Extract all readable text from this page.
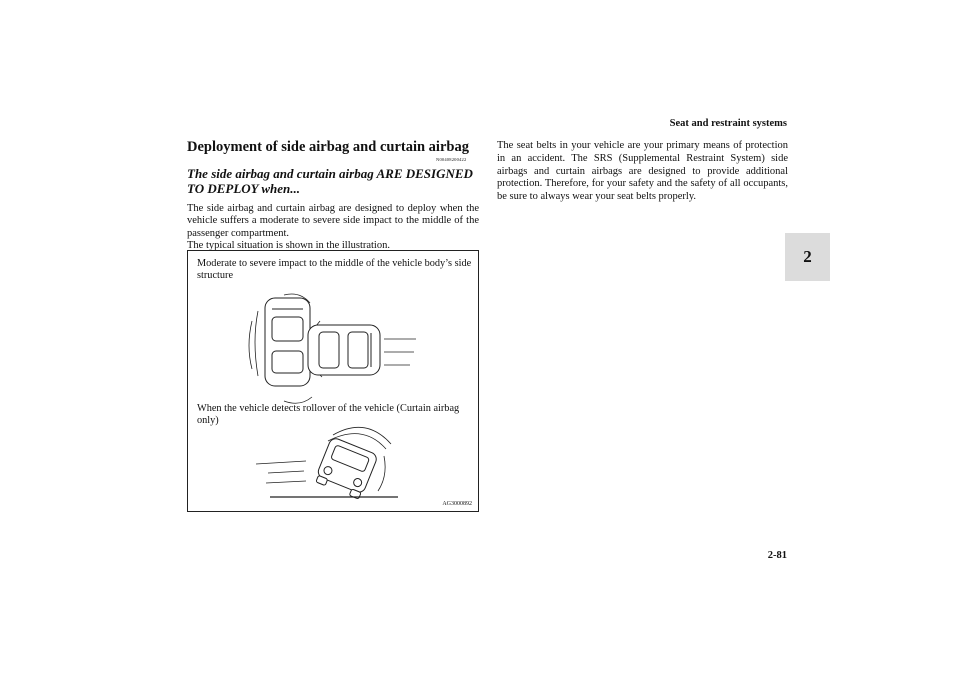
Seat and restraint systems
2
Deployment of side airbag and curtain airbag
N00408200422
The side airbag and curtain airbag ARE DESIGNED TO DEPLOY when...

The side airbag and curtain airbag are designed to deploy when the vehicle suffers a moderate to severe side impact to the middle of the passenger compartment.

The typical situation is shown in the illustration.

Moderate to severe impact to the middle of the vehicle body’s side structure
When the vehicle detects rollover of the vehicle (Curtain airbag only)
AG3000892
The seat belts in your vehicle are your primary means of protection in an accident. The SRS (Supplemental Restraint System) side airbags and curtain airbags are designed to provide additional protection. Therefore, for your safety and the safety of all occupants, be sure to always wear your seat belts properly.
2-81
